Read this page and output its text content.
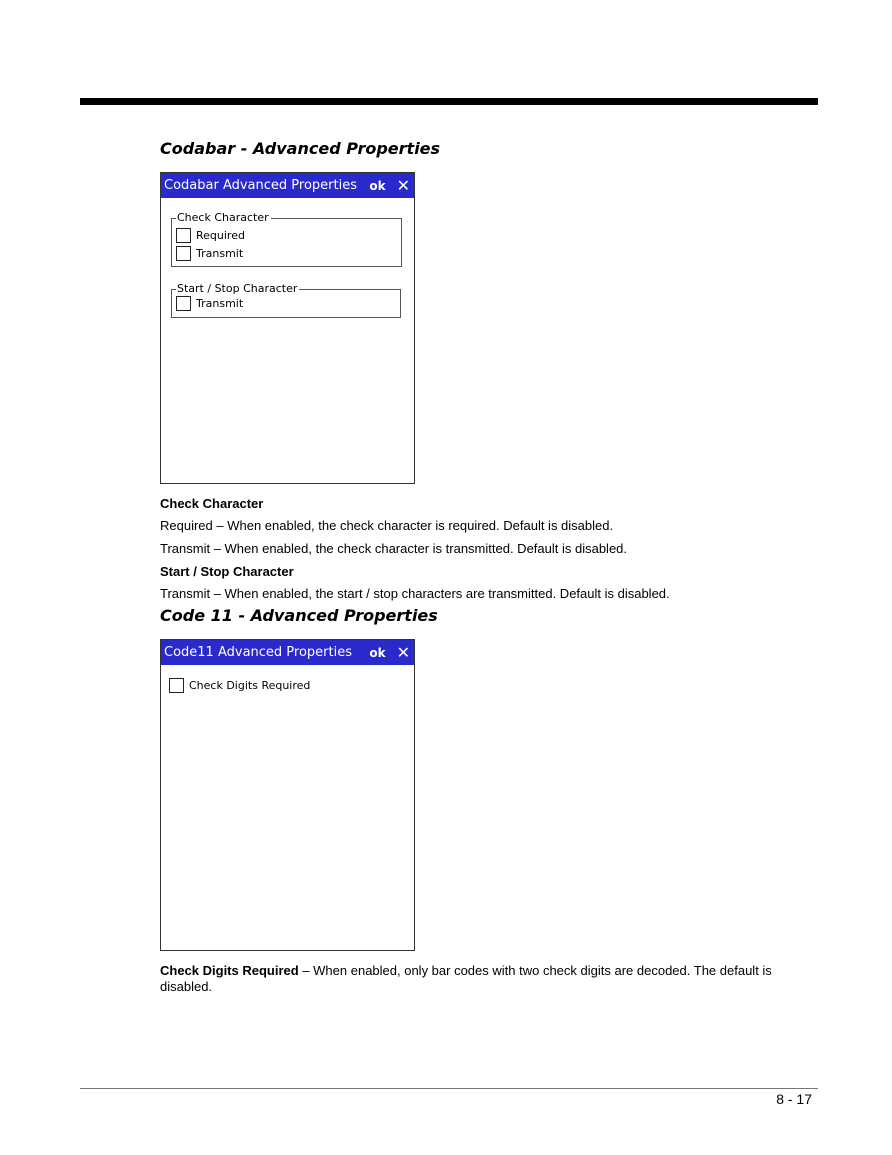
Codabar - Advanced Properties
Codabar Advanced Properties	ok ✕
Check Character
Required
Transmit
Start / Stop Character
Transmit

Check Character

Required – When enabled, the check character is required. Default is disabled.

Transmit – When enabled, the check character is transmitted. Default is disabled.

Start / Stop Character

Transmit – When enabled, the start / stop characters are transmitted. Default is disabled.

Code 11 - Advanced Properties
Code11 Advanced Properties	ok ✕
Check Digits Required

Check Digits Required – When enabled, only bar codes with two check digits are decoded. The default is disabled.

8 - 17
